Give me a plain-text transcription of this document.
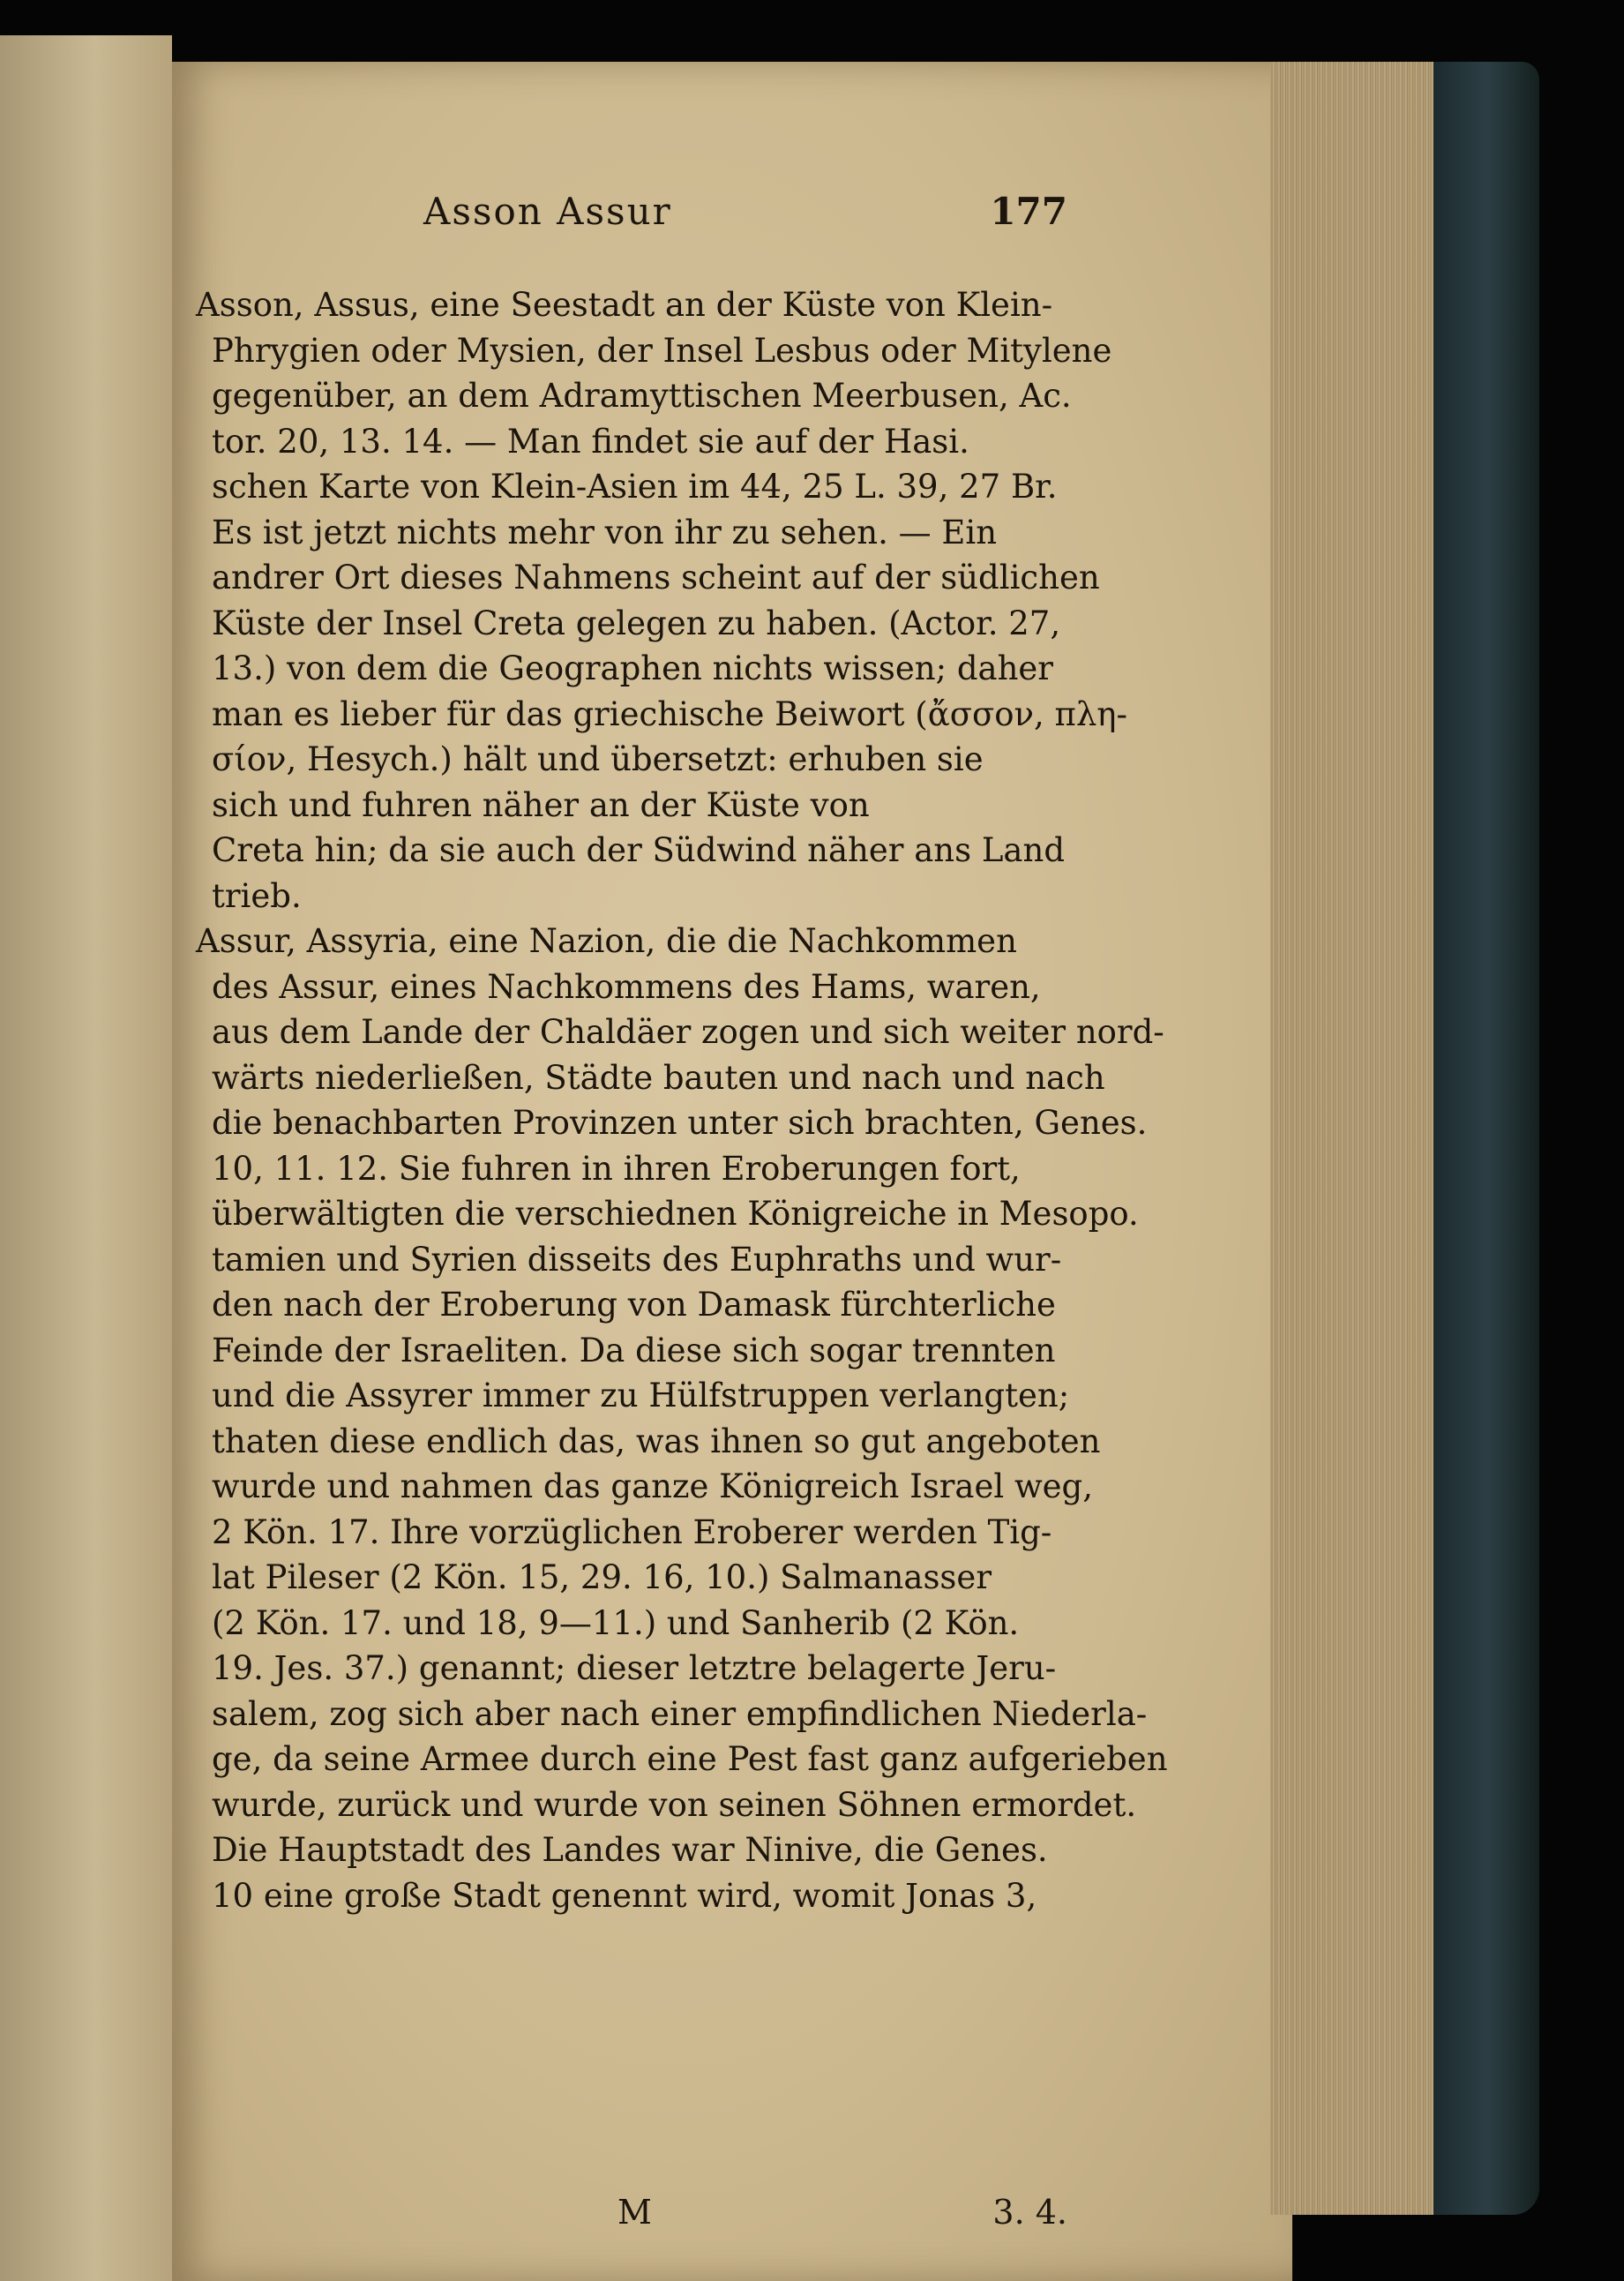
Asson Assur	177
Asson, Assus, eine Seestadt an der Küste von Klein-
Phrygien oder Mysien, der Insel Lesbus oder Mitylene
gegenüber, an dem Adramyttischen Meerbusen, Ac.
tor. 20, 13. 14. — Man findet sie auf der Hasi.
schen Karte von Klein-Asien im 44, 25 L. 39, 27 Br.
Es ist jetzt nichts mehr von ihr zu sehen. — Ein
andrer Ort dieses Nahmens scheint auf der südlichen
Küste der Insel Creta gelegen zu haben. (Actor. 27,
13.) von dem die Geographen nichts wissen; daher
man es lieber für das griechische Beiwort (ἄσσον, πλη-
σίον, Hesych.) hält und übersetzt: erhuben sie
sich und fuhren näher an der Küste von
Creta hin; da sie auch der Südwind näher ans Land
trieb.
Assur, Assyria, eine Nazion, die die Nachkommen
des Assur, eines Nachkommens des Hams, waren,
aus dem Lande der Chaldäer zogen und sich weiter nord-
wärts niederließen, Städte bauten und nach und nach
die benachbarten Provinzen unter sich brachten, Genes.
10, 11. 12. Sie fuhren in ihren Eroberungen fort,
überwältigten die verschiednen Königreiche in Mesopo.
tamien und Syrien disseits des Euphraths und wur-
den nach der Eroberung von Damask fürchterliche
Feinde der Israeliten. Da diese sich sogar trennten
und die Assyrer immer zu Hülfstruppen verlangten;
thaten diese endlich das, was ihnen so gut angeboten
wurde und nahmen das ganze Königreich Israel weg,
2 Kön. 17. Ihre vorzüglichen Eroberer werden Tig-
lat Pileser (2 Kön. 15, 29. 16, 10.) Salmanasser
(2 Kön. 17. und 18, 9—11.) und Sanherib (2 Kön.
19. Jes. 37.) genannt; dieser letztre belagerte Jeru-
salem, zog sich aber nach einer empfindlichen Niederla-
ge, da seine Armee durch eine Pest fast ganz aufgerieben
wurde, zurück und wurde von seinen Söhnen ermordet.
Die Hauptstadt des Landes war Ninive, die Genes.
10 eine große Stadt genennt wird, womit Jonas 3,
M	3. 4.
